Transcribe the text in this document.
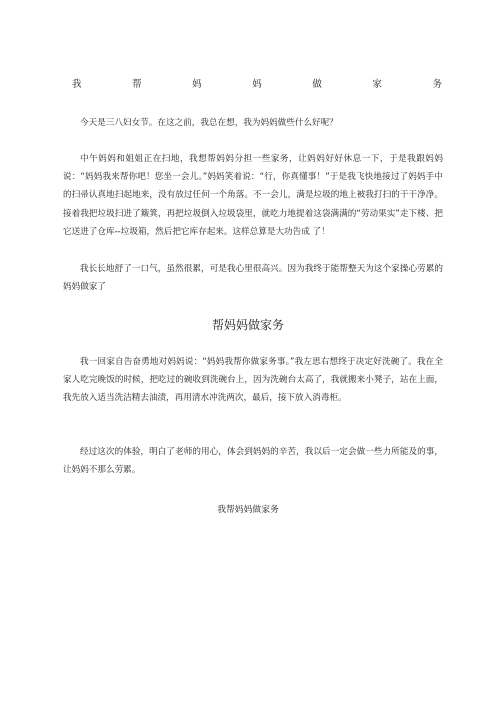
我	帮	妈	妈	做	家	务

今天是三八妇女节。在这之前，我总在想，我为妈妈做些什么好呢？

中午妈妈和姐姐正在扫地，我想帮妈妈分担一些家务，让妈妈好好休息一下，于是我跟妈妈说：“妈妈我来帮你吧！您坐一会儿。”妈妈笑着说：“行，你真懂事！”于是我飞快地接过了妈妈手中的扫帚认真地扫起地来，没有放过任何一个角落。不一会儿，满是垃圾的地上被我打扫的干干净净。接着我把垃圾扫进了簸箕，再把垃圾倒入垃圾袋里，就吃力地提着这袋满满的“劳动果实”走下楼、把它送进了仓库--垃圾箱，然后把它库存起来。这样总算是大功告成 了！

我长长地舒了一口气，虽然很累，可是我心里很高兴。因为我终于能帮整天为这个家操心劳累的妈妈做家了

帮妈妈做家务

我一回家自告奋勇地对妈妈说：“妈妈我帮你做家务事。”我左思右想终于决定好洗碗了。我在全家人吃完晚饭的时候，把吃过的碗收到洗碗台上，因为洗碗台太高了，我就搬来小凳子，站在上面，我先放入适当洗洁精去油渍，再用清水冲洗两次，最后，接下放入消毒柜。

经过这次的体验，明白了老师的用心，体会到妈妈的辛苦，我以后一定会做一些力所能及的事，让妈妈不那么劳累。

我帮妈妈做家务
